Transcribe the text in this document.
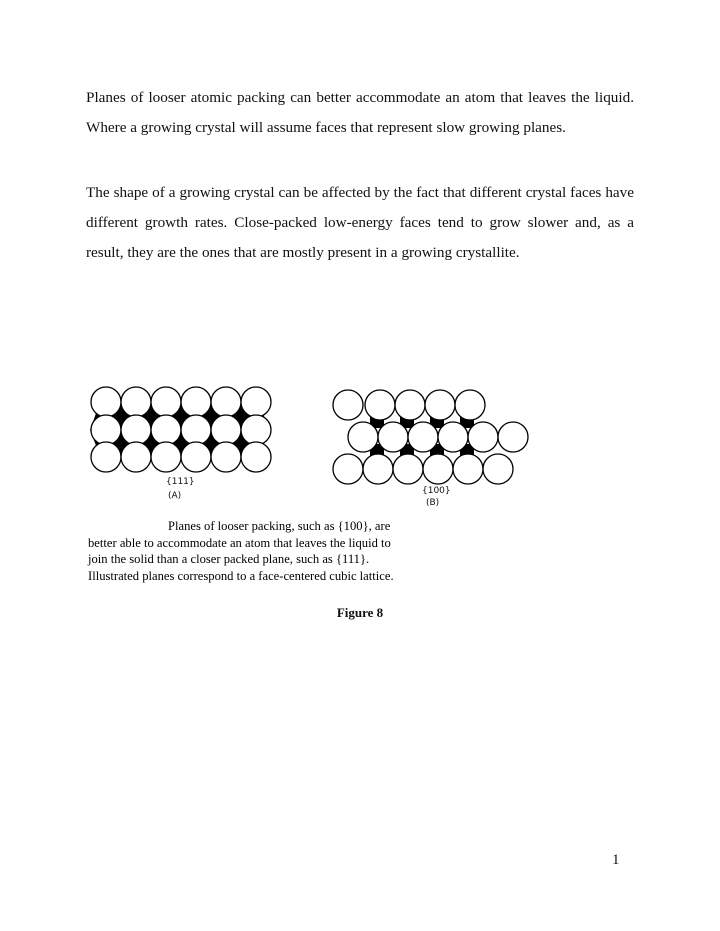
Planes of looser atomic packing can better accommodate an atom that leaves the liquid. Where a growing crystal will assume faces that represent slow growing planes.

The shape of a growing crystal can be affected by the fact that different crystal faces have different growth rates. Close-packed low-energy faces tend to grow slower and, as a result, they are the ones that are mostly present in a growing crystallite.

{111}
(A)	{100}
(B)

Planes of looser packing, such as {100}, are
better able to accommodate an atom that leaves the liquid to
join the solid than a closer packed plane, such as {111}.
Illustrated planes correspond to a face-centered cubic lattice.

Figure 8
1
